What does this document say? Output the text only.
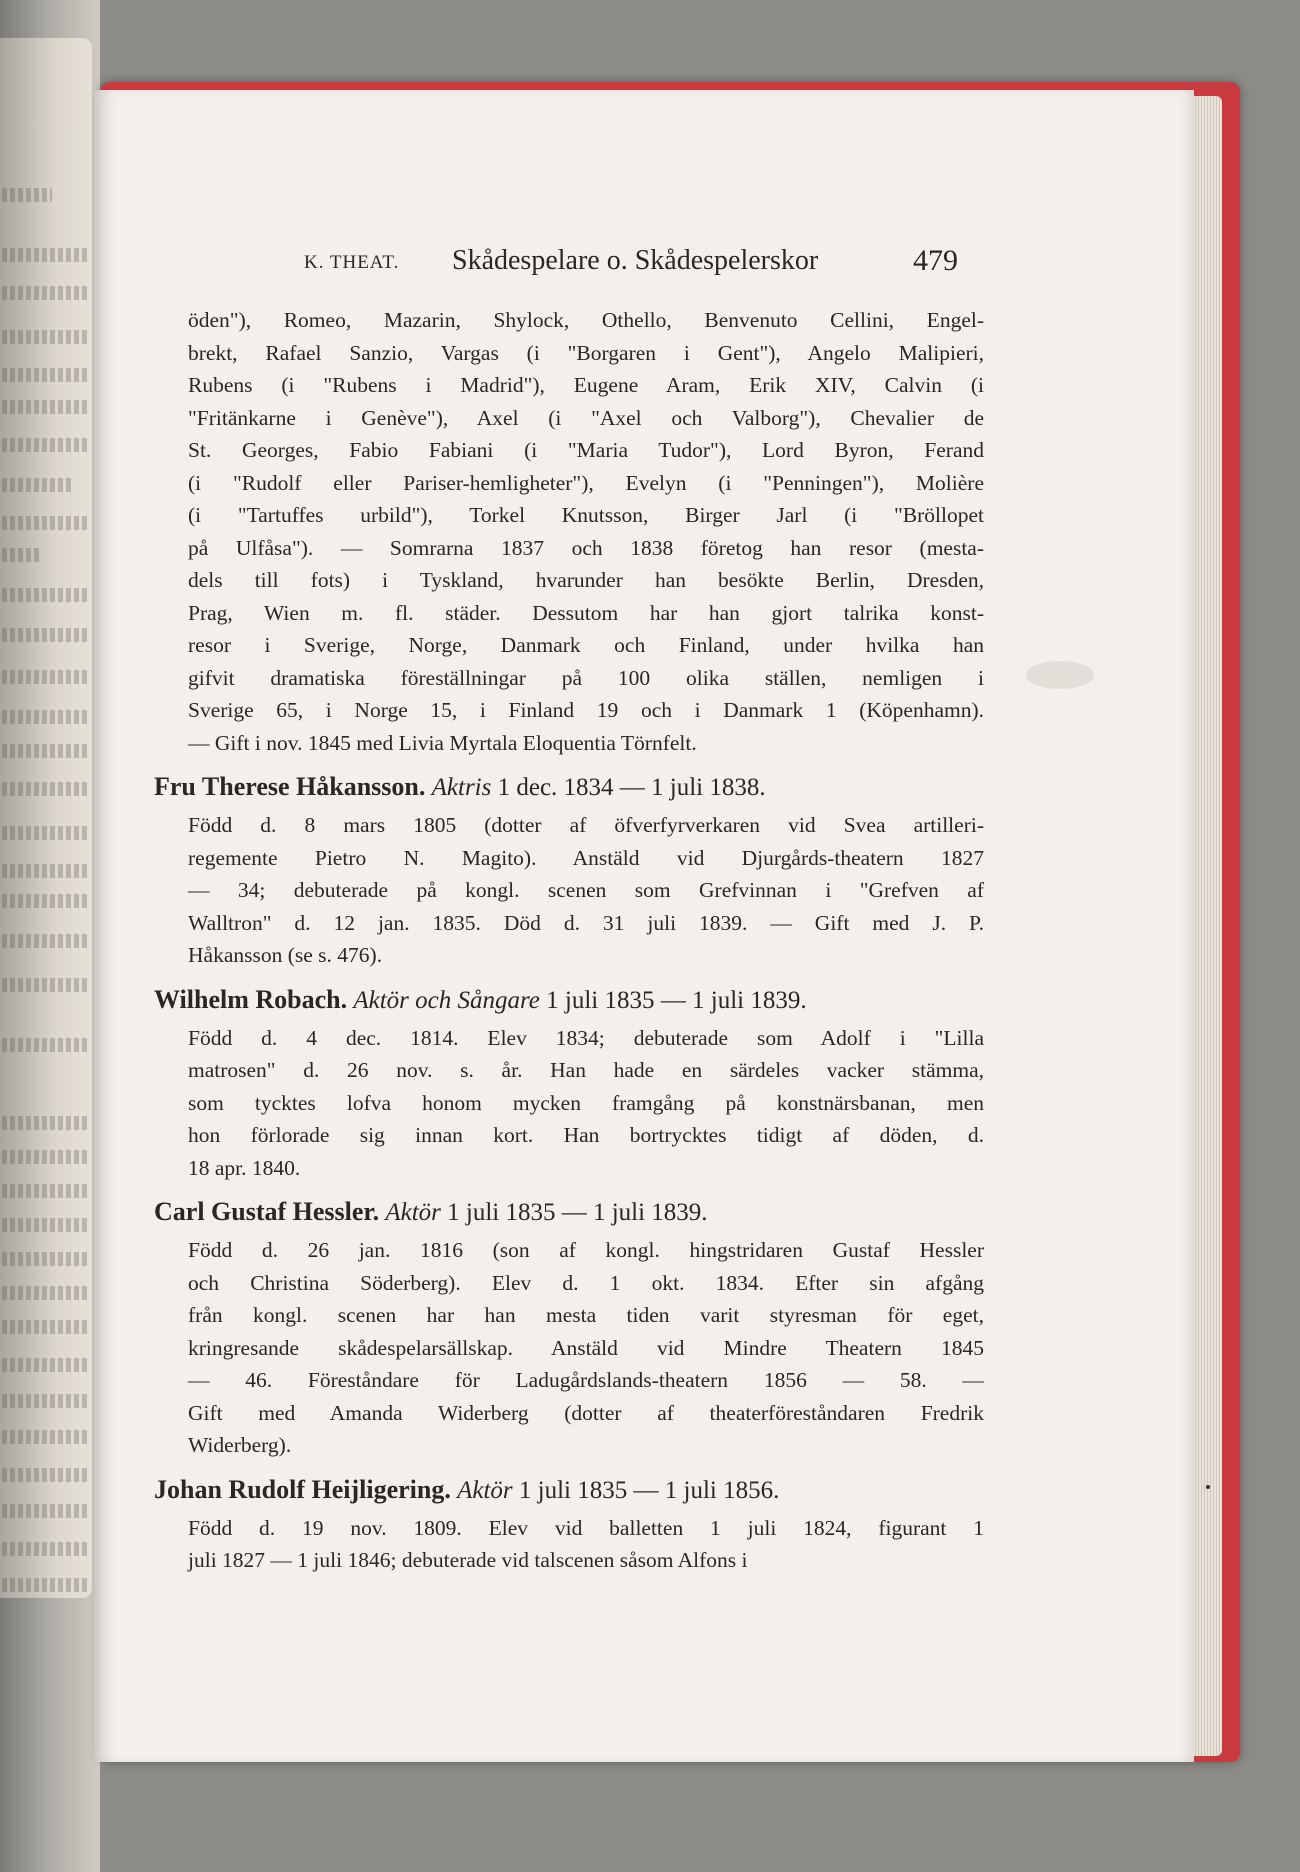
K. THEAT. Skådespelare o. Skådespelerskor	479
öden"), Romeo, Mazarin, Shylock, Othello, Benvenuto Cellini, Engel-
brekt, Rafael Sanzio, Vargas (i "Borgaren i Gent"), Angelo Malipieri,
Rubens (i "Rubens i Madrid"), Eugene Aram, Erik XIV, Calvin (i
"Fritänkarne i Genève"), Axel (i "Axel och Valborg"), Chevalier de
St. Georges, Fabio Fabiani (i "Maria Tudor"), Lord Byron, Ferand
(i "Rudolf eller Pariser-hemligheter"), Evelyn (i "Penningen"), Molière
(i "Tartuffes urbild"), Torkel Knutsson, Birger Jarl (i "Bröllopet
på Ulfåsa"). — Somrarna 1837 och 1838 företog han resor (mesta-
dels till fots) i Tyskland, hvarunder han besökte Berlin, Dresden,
Prag, Wien m. fl. städer. Dessutom har han gjort talrika konst-
resor i Sverige, Norge, Danmark och Finland, under hvilka han
gifvit dramatiska föreställningar på 100 olika ställen, nemligen i
Sverige 65, i Norge 15, i Finland 19 och i Danmark 1 (Köpenhamn).
— Gift i nov. 1845 med Livia Myrtala Eloquentia Törnfelt.
Fru Therese Håkansson. Aktris 1 dec. 1834 — 1 juli 1838.
Född d. 8 mars 1805 (dotter af öfverfyrverkaren vid Svea artilleri-
regemente Pietro N. Magito). Anstäld vid Djurgårds-theatern 1827
— 34; debuterade på kongl. scenen som Grefvinnan i "Grefven af
Walltron" d. 12 jan. 1835. Död d. 31 juli 1839. — Gift med J. P.
Håkansson (se s. 476).
Wilhelm Robach. Aktör och Sångare 1 juli 1835 — 1 juli 1839.
Född d. 4 dec. 1814. Elev 1834; debuterade som Adolf i "Lilla
matrosen" d. 26 nov. s. år. Han hade en särdeles vacker stämma,
som tycktes lofva honom mycken framgång på konstnärsbanan, men
hon förlorade sig innan kort. Han bortrycktes tidigt af döden, d.
18 apr. 1840.
Carl Gustaf Hessler. Aktör 1 juli 1835 — 1 juli 1839.
Född d. 26 jan. 1816 (son af kongl. hingstridaren Gustaf Hessler
och Christina Söderberg). Elev d. 1 okt. 1834. Efter sin afgång
från kongl. scenen har han mesta tiden varit styresman för eget,
kringresande skådespelarsällskap. Anstäld vid Mindre Theatern 1845
— 46. Föreståndare för Ladugårdslands-theatern 1856 — 58. —
Gift med Amanda Widerberg (dotter af theaterföreståndaren Fredrik
Widerberg).
Johan Rudolf Heijligering. Aktör 1 juli 1835 — 1 juli 1856.
Född d. 19 nov. 1809. Elev vid balletten 1 juli 1824, figurant 1
juli 1827 — 1 juli 1846; debuterade vid talscenen såsom Alfons i
